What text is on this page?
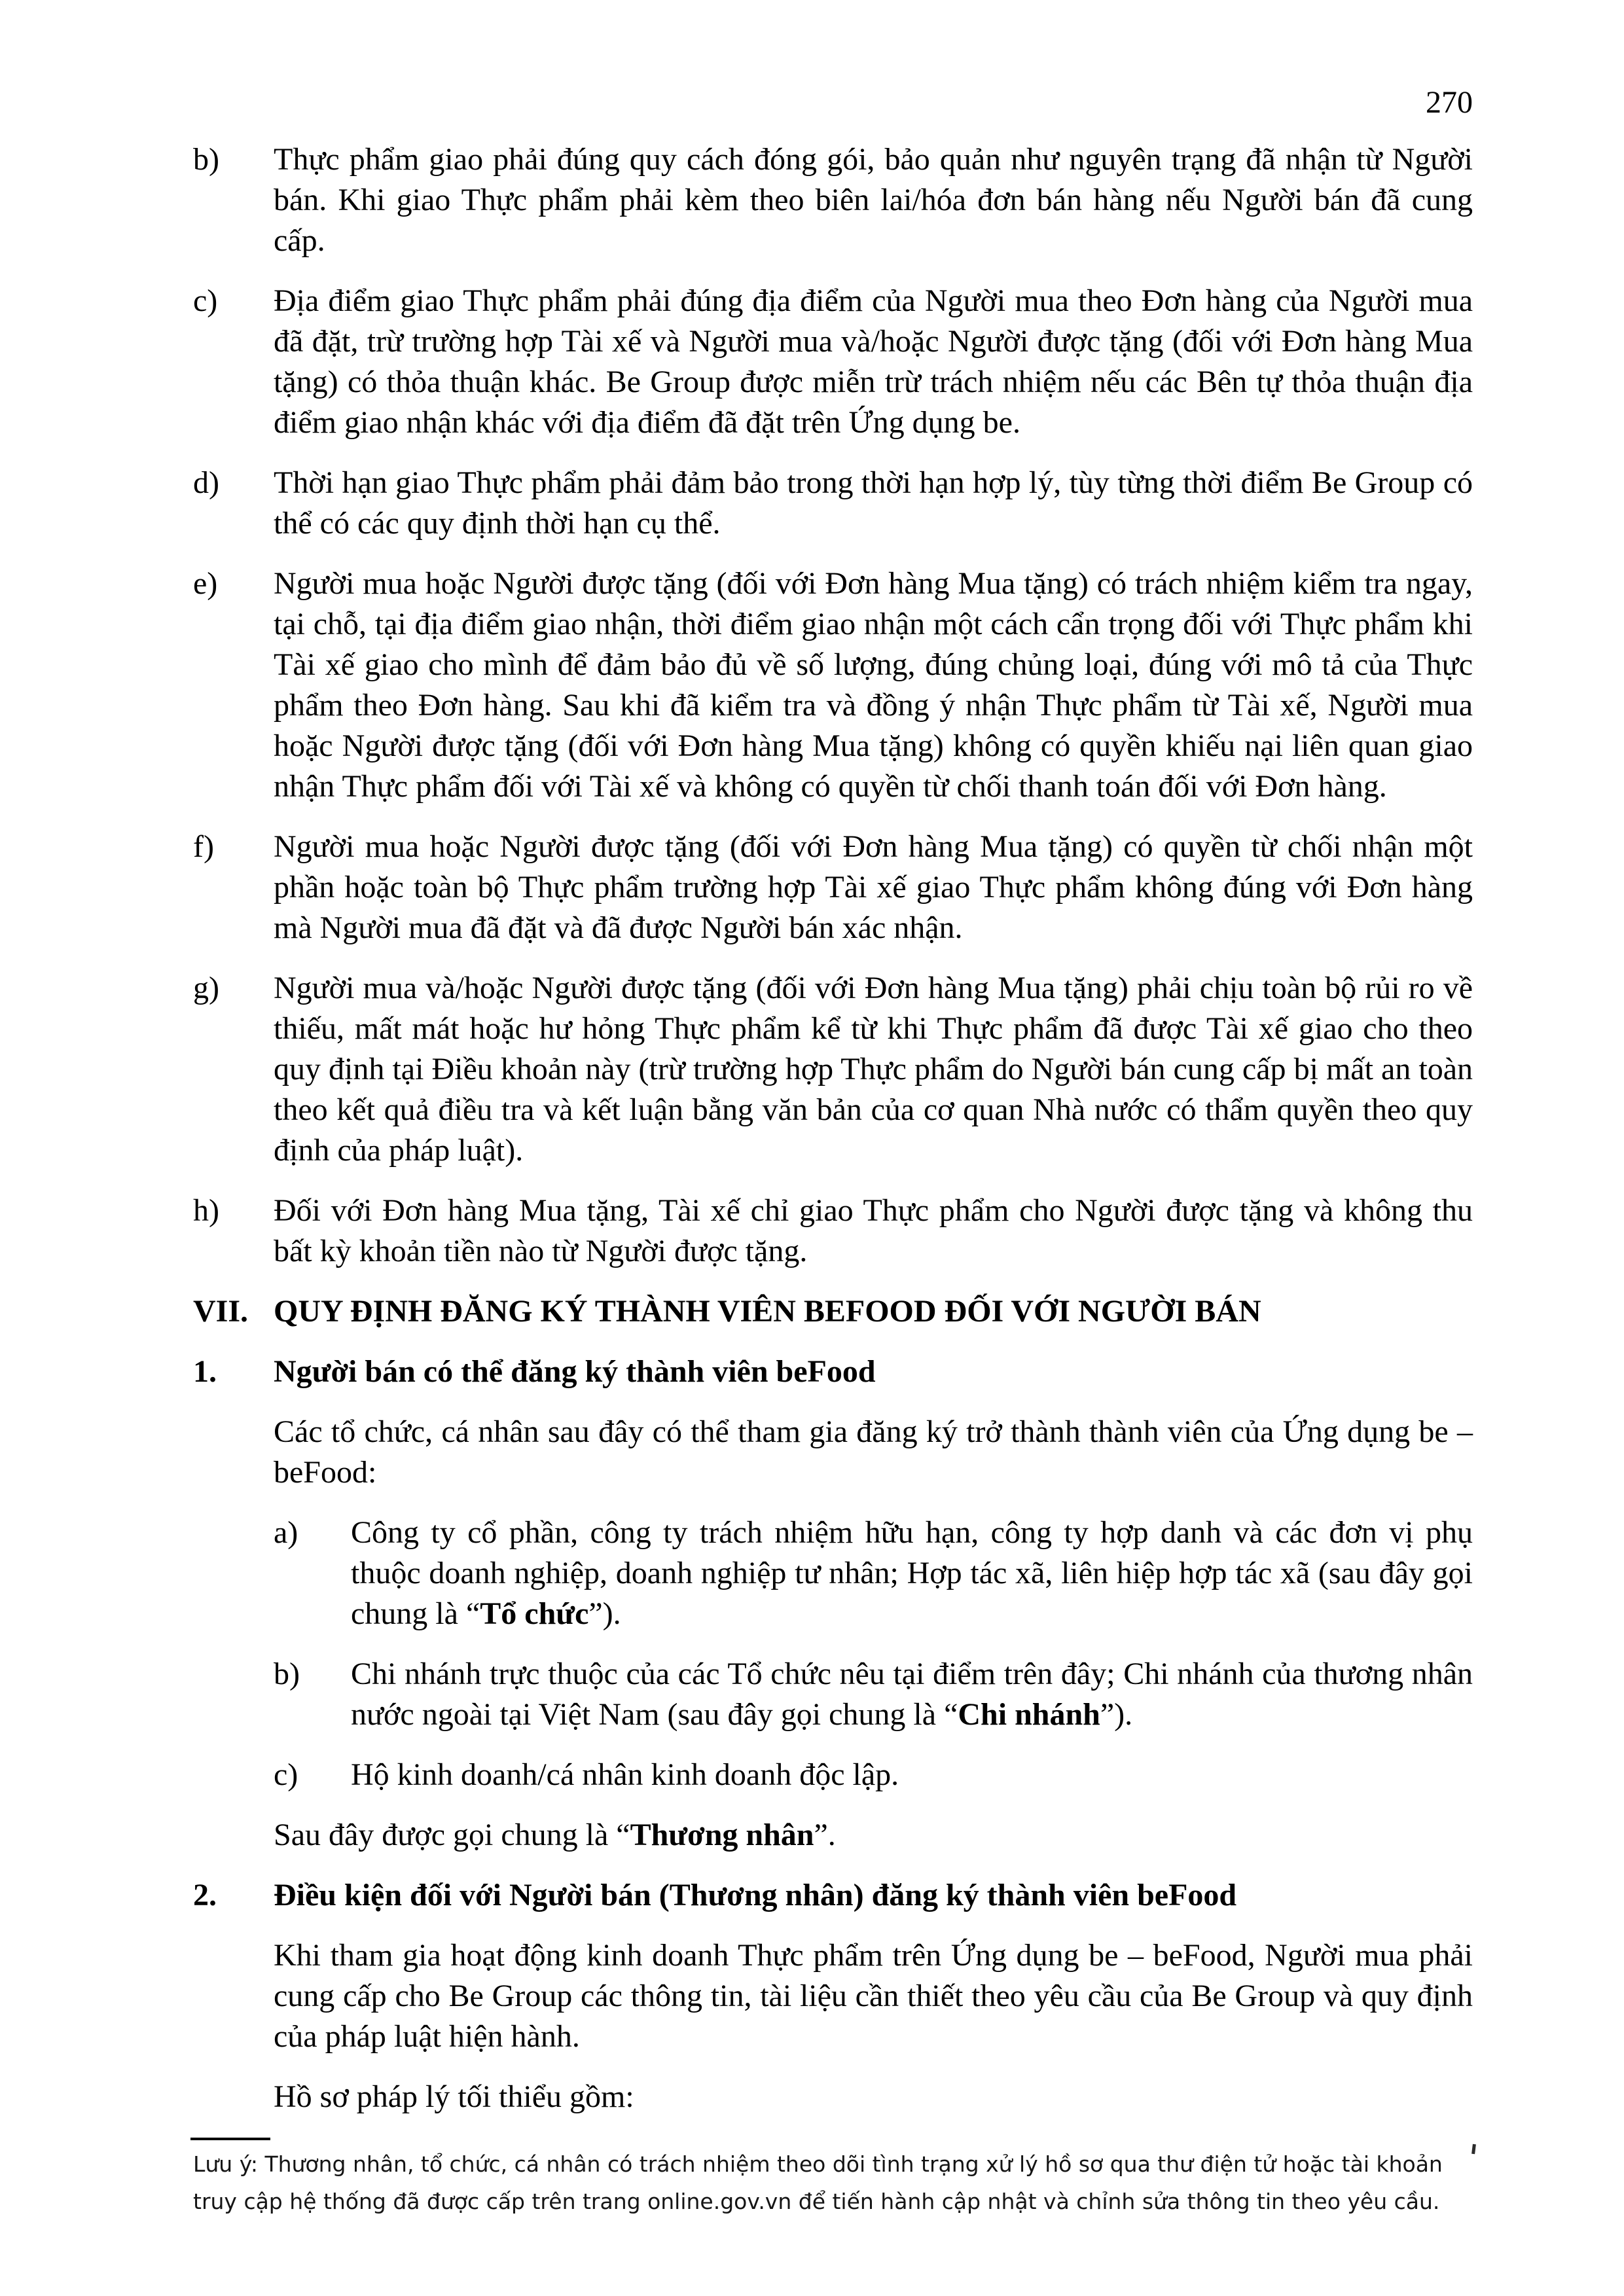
270
b)	Thực phẩm giao phải đúng quy cách đóng gói, bảo quản như nguyên trạng đã nhận từ Người bán. Khi giao Thực phẩm phải kèm theo biên lai/hóa đơn bán hàng nếu Người bán đã cung cấp.
c)	Địa điểm giao Thực phẩm phải đúng địa điểm của Người mua theo Đơn hàng của Người mua đã đặt, trừ trường hợp Tài xế và Người mua và/hoặc Người được tặng (đối với Đơn hàng Mua tặng) có thỏa thuận khác. Be Group được miễn trừ trách nhiệm nếu các Bên tự thỏa thuận địa điểm giao nhận khác với địa điểm đã đặt trên Ứng dụng be.
d)	Thời hạn giao Thực phẩm phải đảm bảo trong thời hạn hợp lý, tùy từng thời điểm Be Group có thể có các quy định thời hạn cụ thể.
e)	Người mua hoặc Người được tặng (đối với Đơn hàng Mua tặng) có trách nhiệm kiểm tra ngay, tại chỗ, tại địa điểm giao nhận, thời điểm giao nhận một cách cẩn trọng đối với Thực phẩm khi Tài xế giao cho mình để đảm bảo đủ về số lượng, đúng chủng loại, đúng với mô tả của Thực phẩm theo Đơn hàng. Sau khi đã kiểm tra và đồng ý nhận Thực phẩm từ Tài xế, Người mua hoặc Người được tặng (đối với Đơn hàng Mua tặng) không có quyền khiếu nại liên quan giao nhận Thực phẩm đối với Tài xế và không có quyền từ chối thanh toán đối với Đơn hàng.
f)	Người mua hoặc Người được tặng (đối với Đơn hàng Mua tặng) có quyền từ chối nhận một phần hoặc toàn bộ Thực phẩm trường hợp Tài xế giao Thực phẩm không đúng với Đơn hàng mà Người mua đã đặt và đã được Người bán xác nhận.
g)	Người mua và/hoặc Người được tặng (đối với Đơn hàng Mua tặng) phải chịu toàn bộ rủi ro về thiếu, mất mát hoặc hư hỏng Thực phẩm kể từ khi Thực phẩm đã được Tài xế giao cho theo quy định tại Điều khoản này (trừ trường hợp Thực phẩm do Người bán cung cấp bị mất an toàn theo kết quả điều tra và kết luận bằng văn bản của cơ quan Nhà nước có thẩm quyền theo quy định của pháp luật).
h)	Đối với Đơn hàng Mua tặng, Tài xế chỉ giao Thực phẩm cho Người được tặng và không thu bất kỳ khoản tiền nào từ Người được tặng.
VII. QUY ĐỊNH ĐĂNG KÝ THÀNH VIÊN BEFOOD ĐỐI VỚI NGƯỜI BÁN
1.	Người bán có thể đăng ký thành viên beFood
Các tổ chức, cá nhân sau đây có thể tham gia đăng ký trở thành thành viên của Ứng dụng be – beFood:
a)	Công ty cổ phần, công ty trách nhiệm hữu hạn, công ty hợp danh và các đơn vị phụ thuộc doanh nghiệp, doanh nghiệp tư nhân; Hợp tác xã, liên hiệp hợp tác xã (sau đây gọi chung là “Tổ chức”).
b)	Chi nhánh trực thuộc của các Tổ chức nêu tại điểm trên đây; Chi nhánh của thương nhân nước ngoài tại Việt Nam (sau đây gọi chung là “Chi nhánh”).
c)	Hộ kinh doanh/cá nhân kinh doanh độc lập.
Sau đây được gọi chung là “Thương nhân”.
2.	Điều kiện đối với Người bán (Thương nhân) đăng ký thành viên beFood
Khi tham gia hoạt động kinh doanh Thực phẩm trên Ứng dụng be – beFood, Người mua phải cung cấp cho Be Group các thông tin, tài liệu cần thiết theo yêu cầu của Be Group và quy định của pháp luật hiện hành.
Hồ sơ pháp lý tối thiểu gồm:
Lưu ý: Thương nhân, tổ chức, cá nhân có trách nhiệm theo dõi tình trạng xử lý hồ sơ qua thư điện tử hoặc tài khoản truy cập hệ thống đã được cấp trên trang online.gov.vn để tiến hành cập nhật và chỉnh sửa thông tin theo yêu cầu.
